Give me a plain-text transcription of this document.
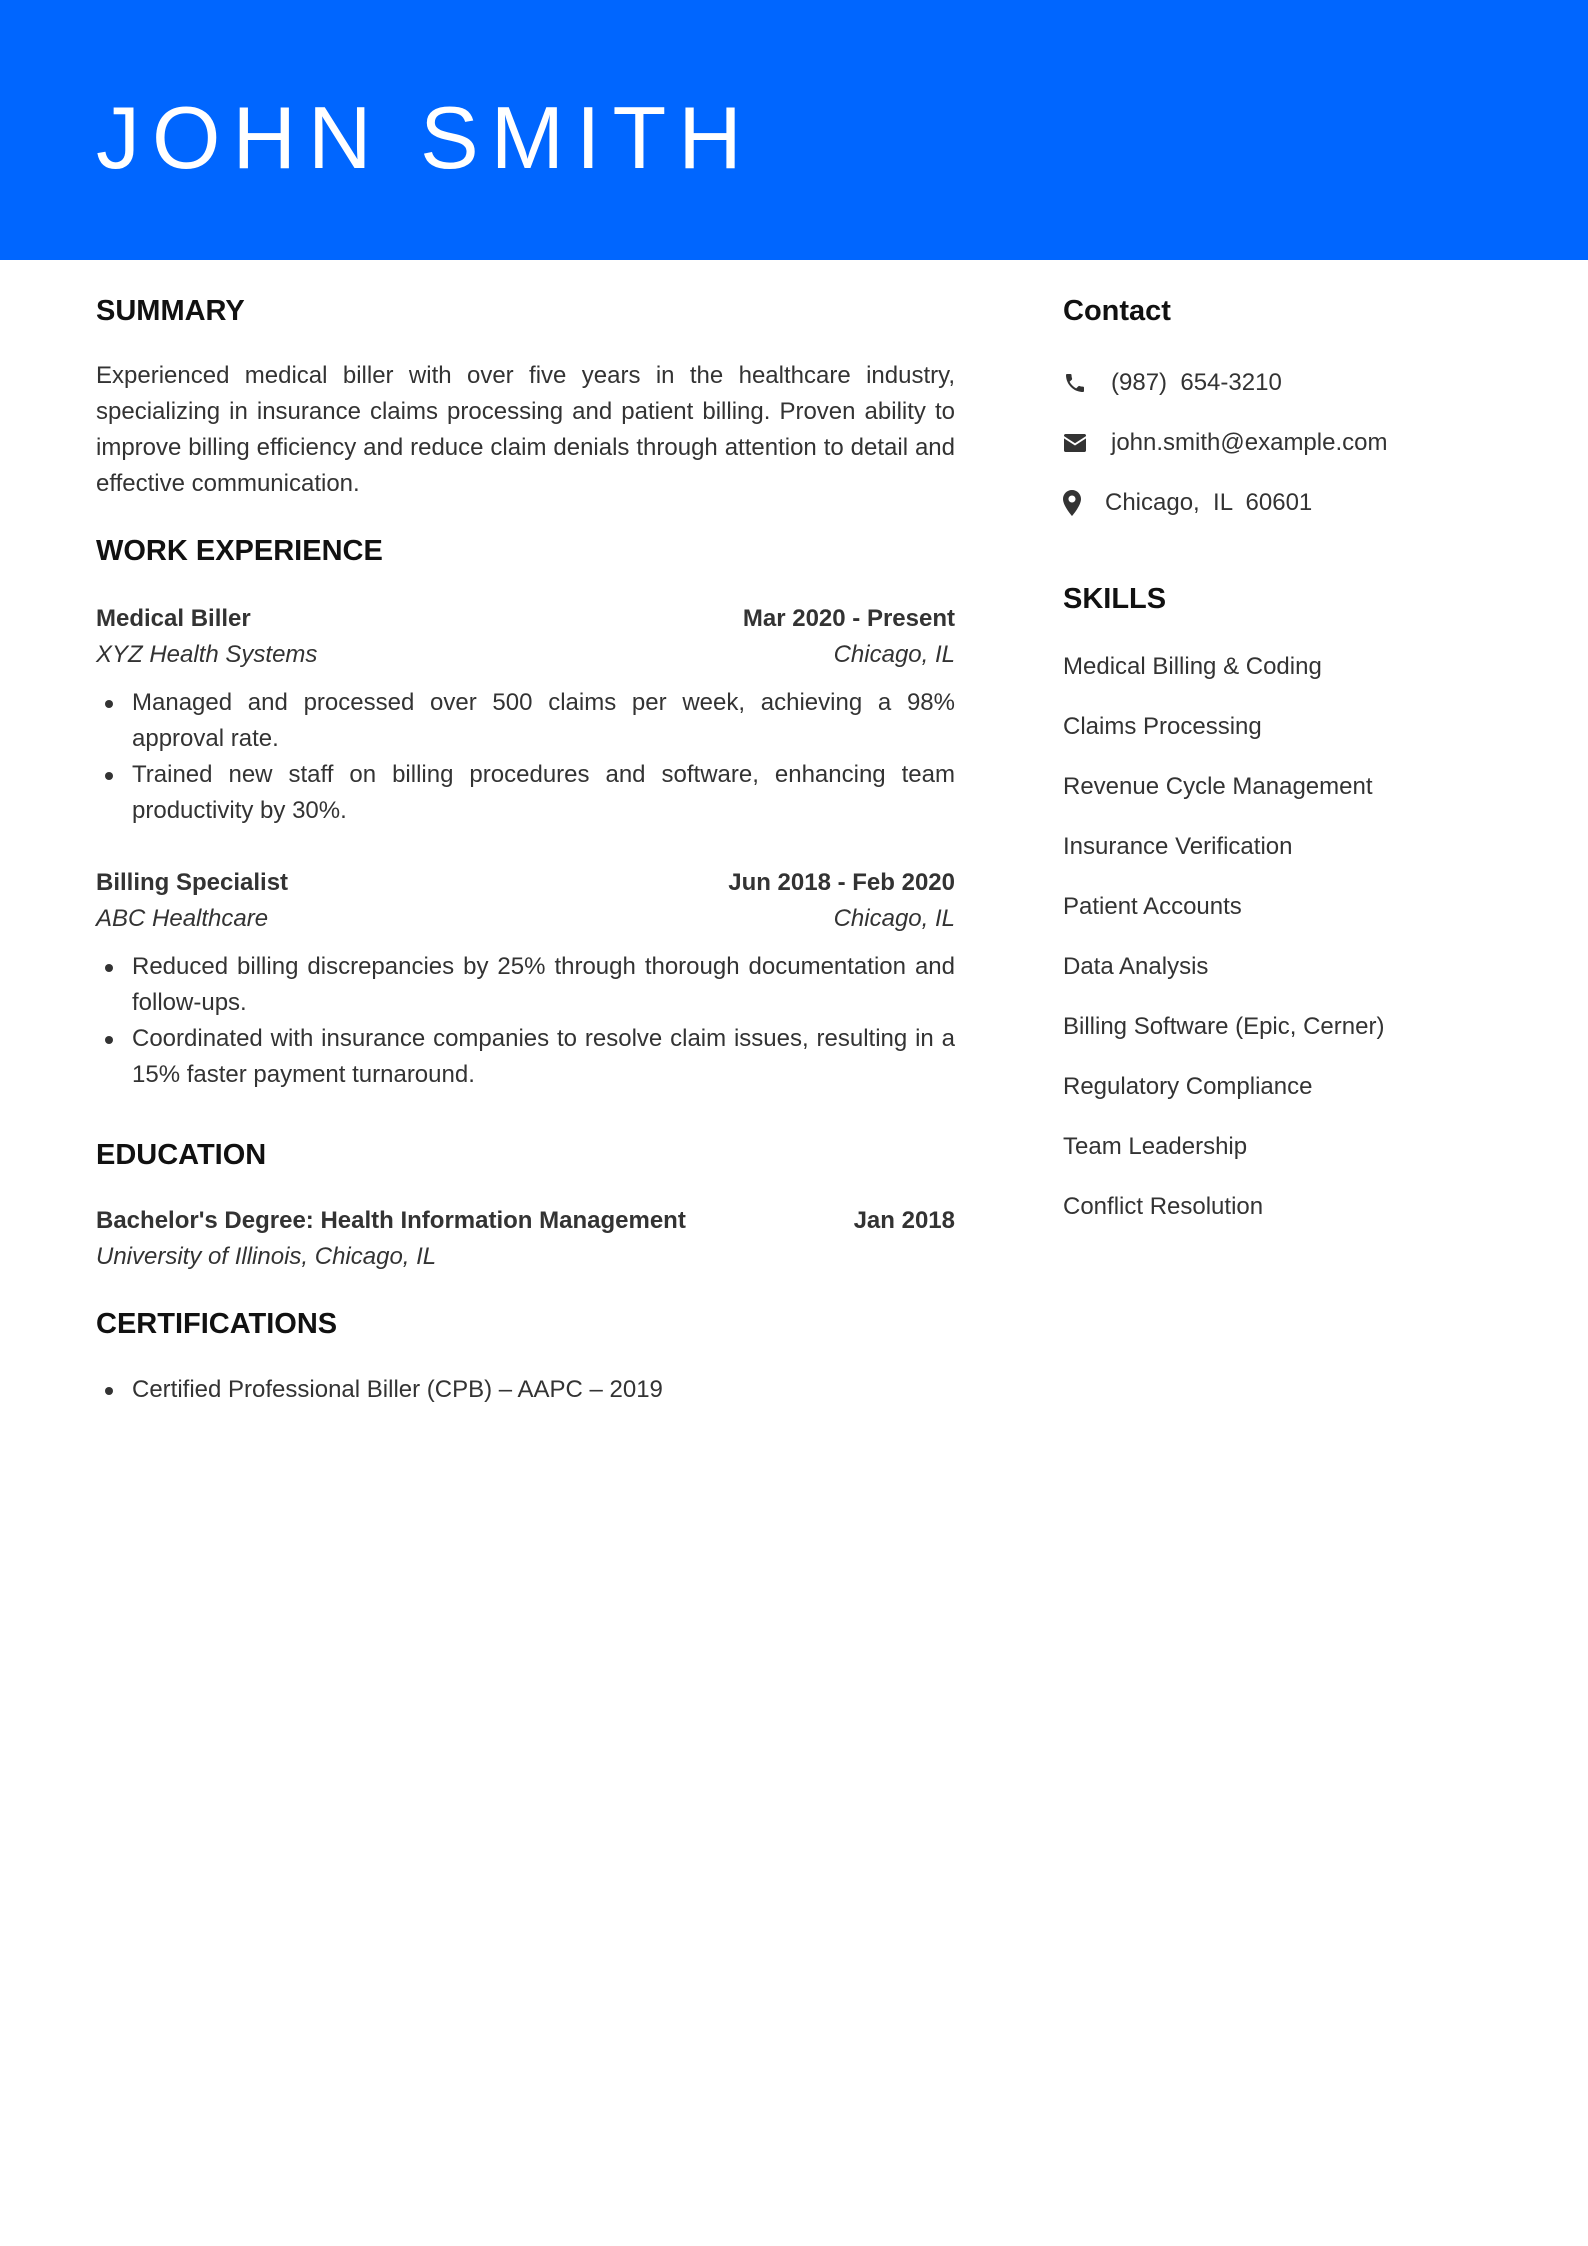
JOHN SMITH
SUMMARY

Experienced medical biller with over five years in the healthcare industry, specializing in insurance claims processing and patient billing. Proven ability to improve billing efficiency and reduce claim denials through attention to detail and effective communication.

WORK EXPERIENCE
Medical Biller	Mar 2020 - Present
XYZ Health Systems	Chicago, IL
Managed and processed over 500 claims per week, achieving a 98% approval rate.
Trained new staff on billing procedures and software, enhancing team productivity by 30%.
Billing Specialist	Jun 2018 - Feb 2020
ABC Healthcare	Chicago, IL
Reduced billing discrepancies by 25% through thorough documentation and follow-ups.
Coordinated with insurance companies to resolve claim issues, resulting in a 15% faster payment turnaround.
EDUCATION
Bachelor's Degree: Health Information Management	Jan 2018
University of Illinois, Chicago, IL
CERTIFICATIONS
Certified Professional Biller (CPB) – AAPC – 2019
Contact
(987)  654-3210
john.smith@example.com
Chicago,  IL  60601
SKILLS
Medical Billing & Coding
Claims Processing
Revenue Cycle Management
Insurance Verification
Patient Accounts
Data Analysis
Billing Software (Epic, Cerner)
Regulatory Compliance
Team Leadership
Conflict Resolution
